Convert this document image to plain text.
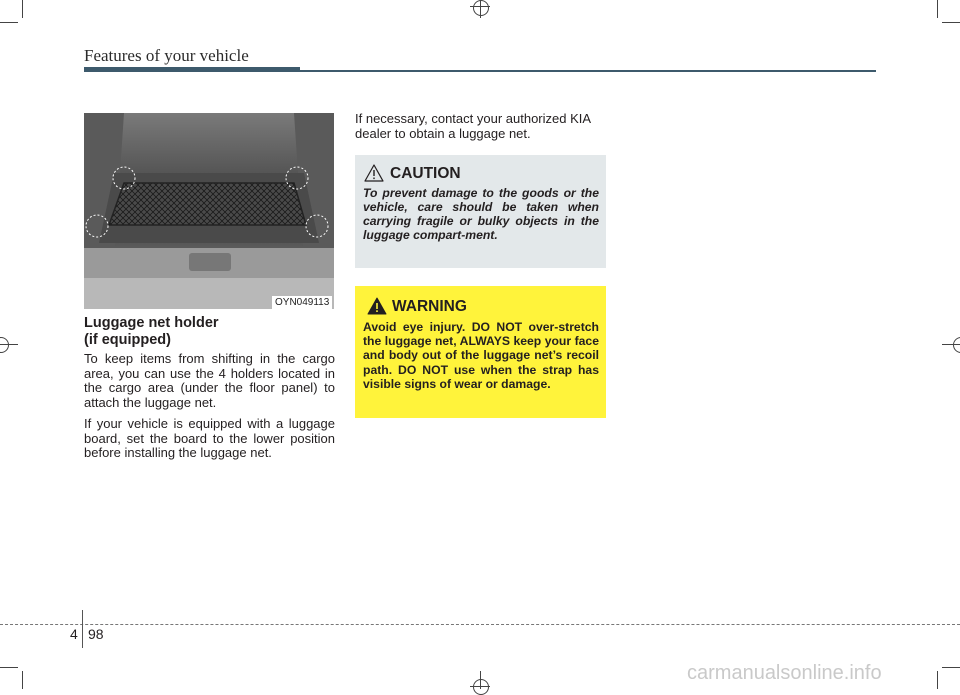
Features of your vehicle
OYN049113
Luggage net holder
(if equipped)

To keep items from shifting in the cargo area, you can use the 4 holders located in the cargo area (under the floor panel) to attach the luggage net.

If your vehicle is equipped with a luggage board, set the board to the lower position before installing the luggage net.

If necessary, contact your authorized KIA dealer to obtain a luggage net.

CAUTION

To prevent damage to the goods or the vehicle, care should be taken when carrying fragile or bulky objects in the luggage compart-ment.

WARNING

Avoid eye injury. DO NOT over-stretch the luggage net, ALWAYS keep your face and body out of the luggage net’s recoil path. DO NOT use when the strap has visible signs of wear or damage.

4 98
carmanualsonline.info
